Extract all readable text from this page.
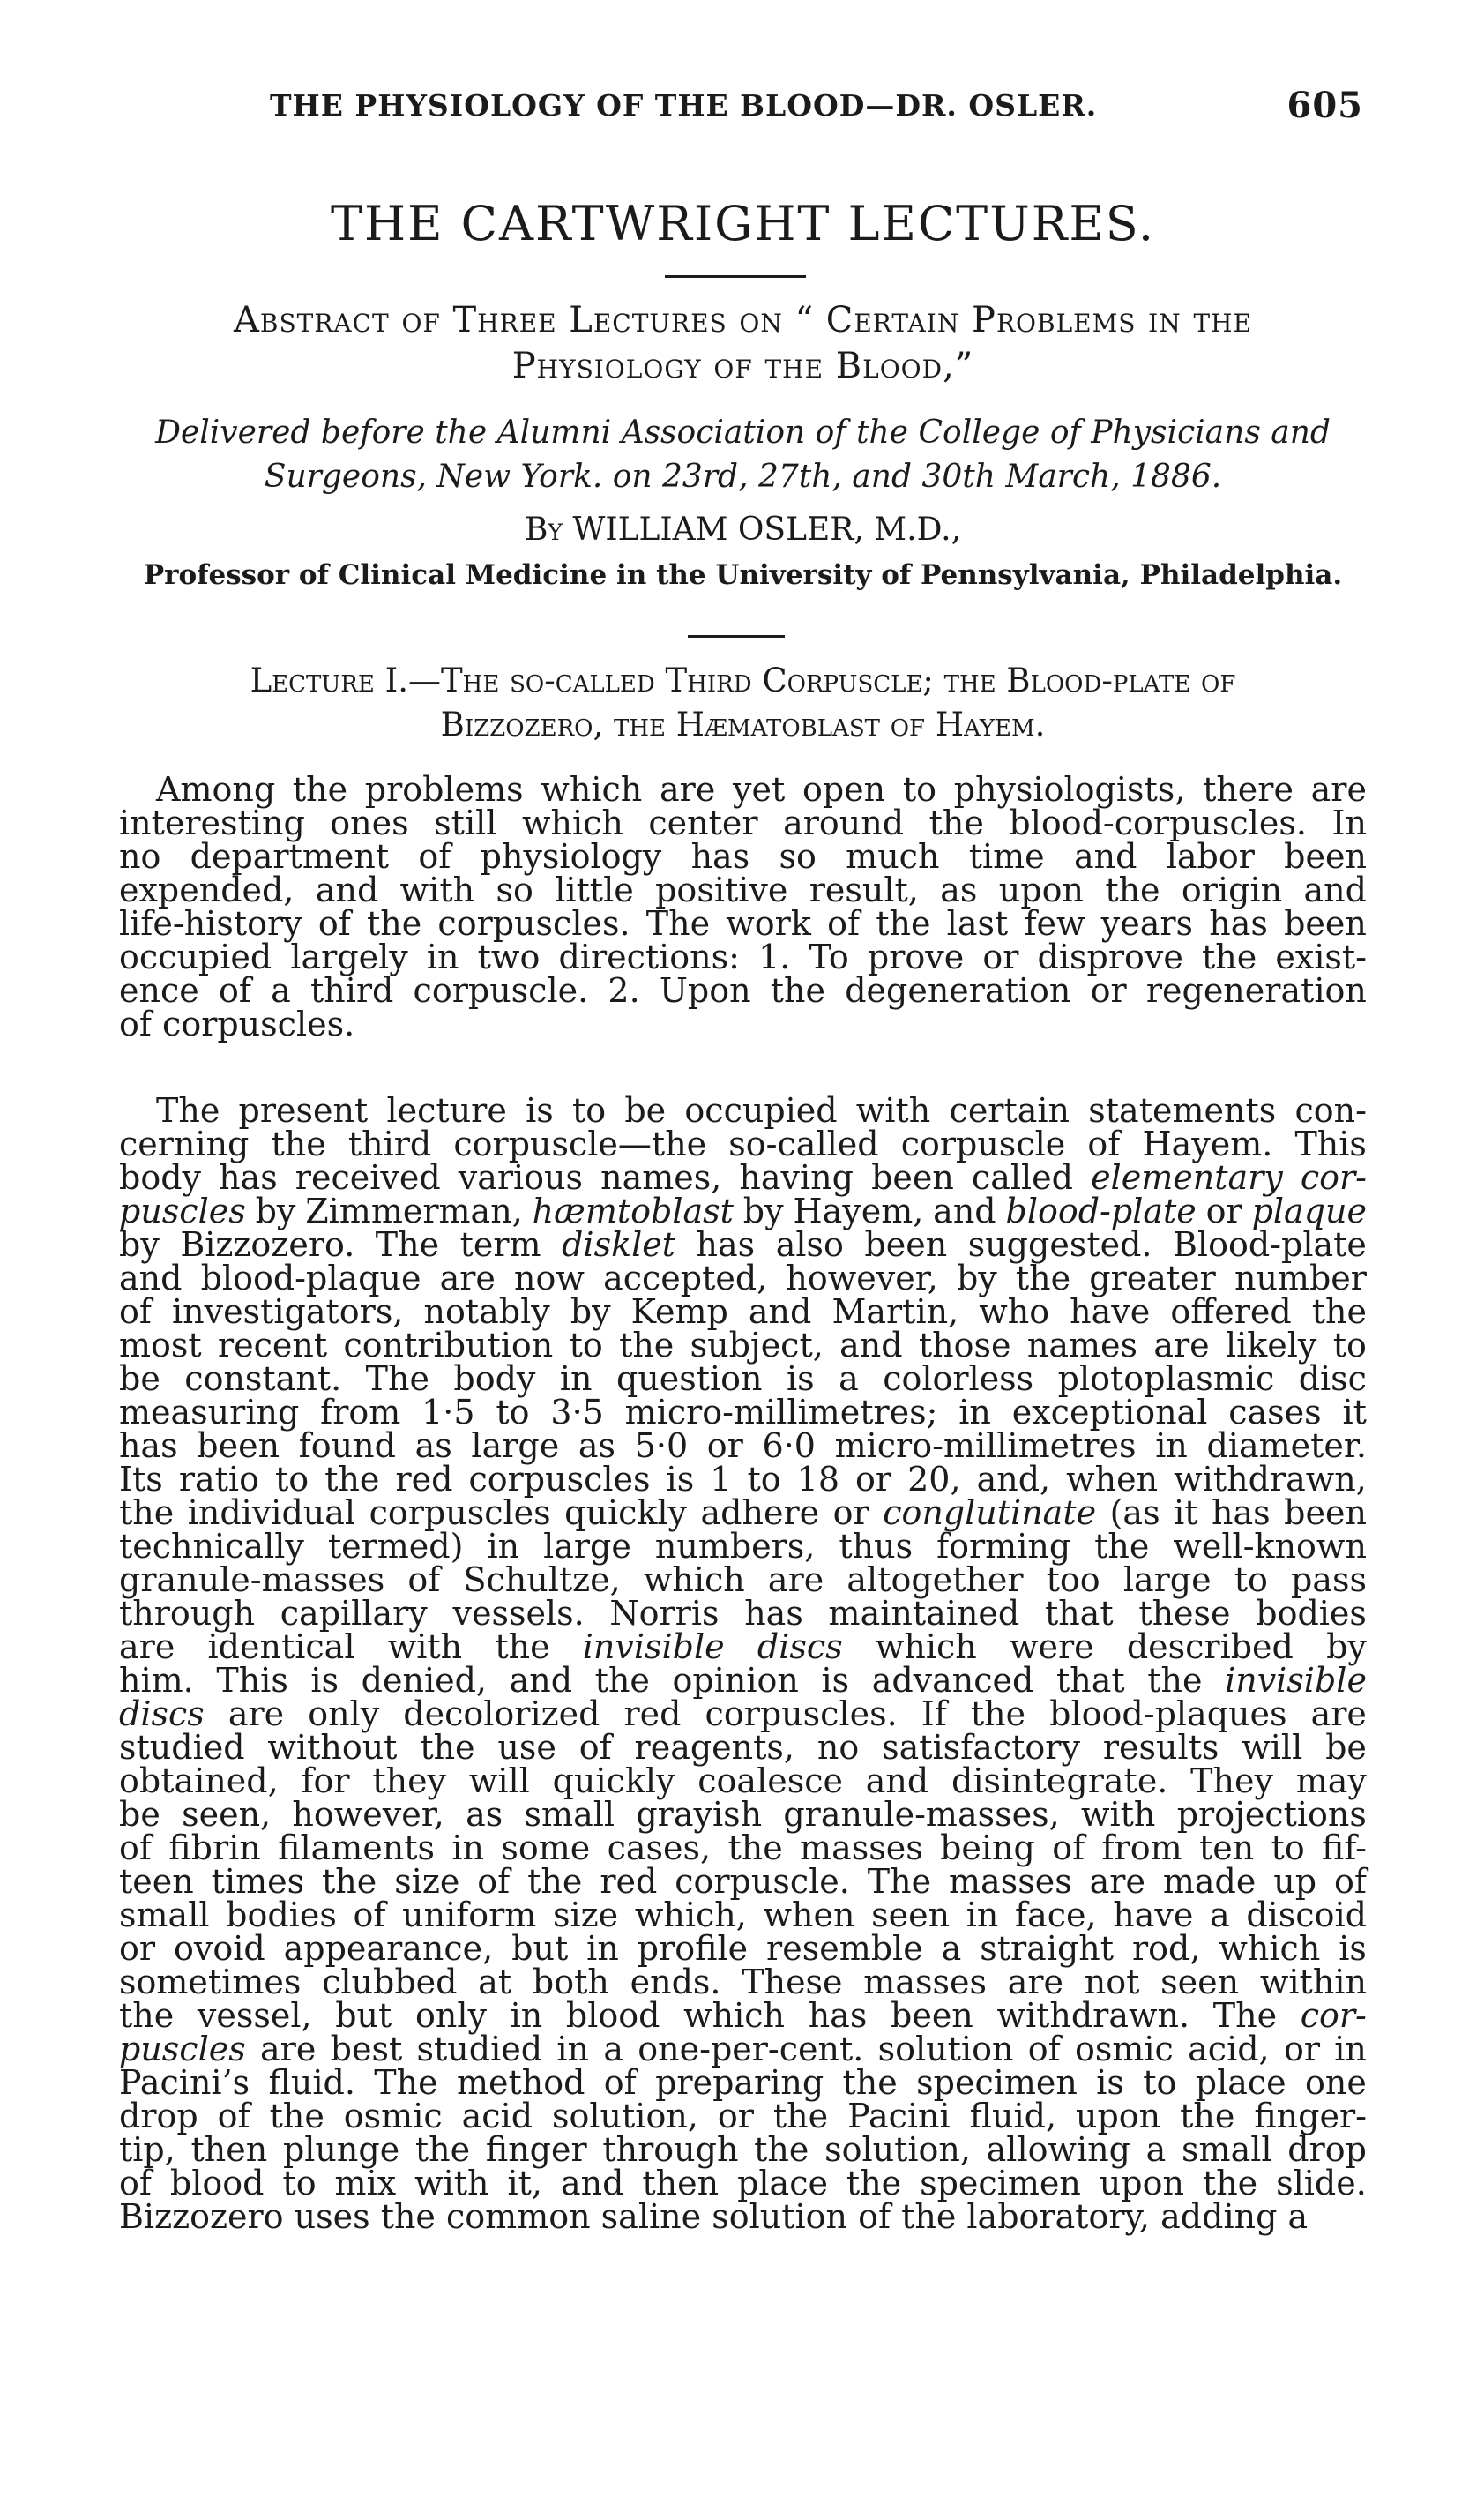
THE PHYSIOLOGY OF THE BLOOD—DR. OSLER.	605
THE CARTWRIGHT LECTURES.
Abstract of Three Lectures on “ Certain Problems in the
Physiology of the Blood,”
Delivered before the Alumni Association of the College of Physicians and
Surgeons, New York. on 23rd, 27th, and 30th March, 1886.
By WILLIAM OSLER, M.D.,
Professor of Clinical Medicine in the University of Pennsylvania, Philadelphia.
Lecture I.—The so-called Third Corpuscle; the Blood-plate of
Bizzozero, the Hæmatoblast of Hayem.
Among the problems which are yet open to physiologists, there are
interesting ones still which center around the blood-corpuscles. In
no department of physiology has so much time and labor been
expended, and with so little positive result, as upon the origin and
life-history of the corpuscles. The work of the last few years has been
occupied largely in two directions: 1. To prove or disprove the exist-
ence of a third corpuscle. 2. Upon the degeneration or regeneration
of corpuscles.
The present lecture is to be occupied with certain statements con-
cerning the third corpuscle—the so-called corpuscle of Hayem. This
body has received various names, having been called elementary cor-
puscles by Zimmerman, hæmtoblast by Hayem, and blood-plate or plaque
by Bizzozero. The term disklet has also been suggested. Blood-plate
and blood-plaque are now accepted, however, by the greater number
of investigators, notably by Kemp and Martin, who have offered the
most recent contribution to the subject, and those names are likely to
be constant. The body in question is a colorless plotoplasmic disc
measuring from 1·5 to 3·5 micro-millimetres; in exceptional cases it
has been found as large as 5·0 or 6·0 micro-millimetres in diameter.
Its ratio to the red corpuscles is 1 to 18 or 20, and, when withdrawn,
the individual corpuscles quickly adhere or conglutinate (as it has been
technically termed) in large numbers, thus forming the well-known
granule-masses of Schultze, which are altogether too large to pass
through capillary vessels. Norris has maintained that these bodies
are identical with the invisible discs which were described by
him. This is denied, and the opinion is advanced that the invisible
discs are only decolorized red corpuscles. If the blood-plaques are
studied without the use of reagents, no satisfactory results will be
obtained, for they will quickly coalesce and disintegrate. They may
be seen, however, as small grayish granule-masses, with projections
of fibrin filaments in some cases, the masses being of from ten to fif-
teen times the size of the red corpuscle. The masses are made up of
small bodies of uniform size which, when seen in face, have a discoid
or ovoid appearance, but in profile resemble a straight rod, which is
sometimes clubbed at both ends. These masses are not seen within
the vessel, but only in blood which has been withdrawn. The cor-
puscles are best studied in a one-per-cent. solution of osmic acid, or in
Pacini’s fluid. The method of preparing the specimen is to place one
drop of the osmic acid solution, or the Pacini fluid, upon the finger-
tip, then plunge the finger through the solution, allowing a small drop
of blood to mix with it, and then place the specimen upon the slide.
Bizzozero uses the common saline solution of the laboratory, adding a
